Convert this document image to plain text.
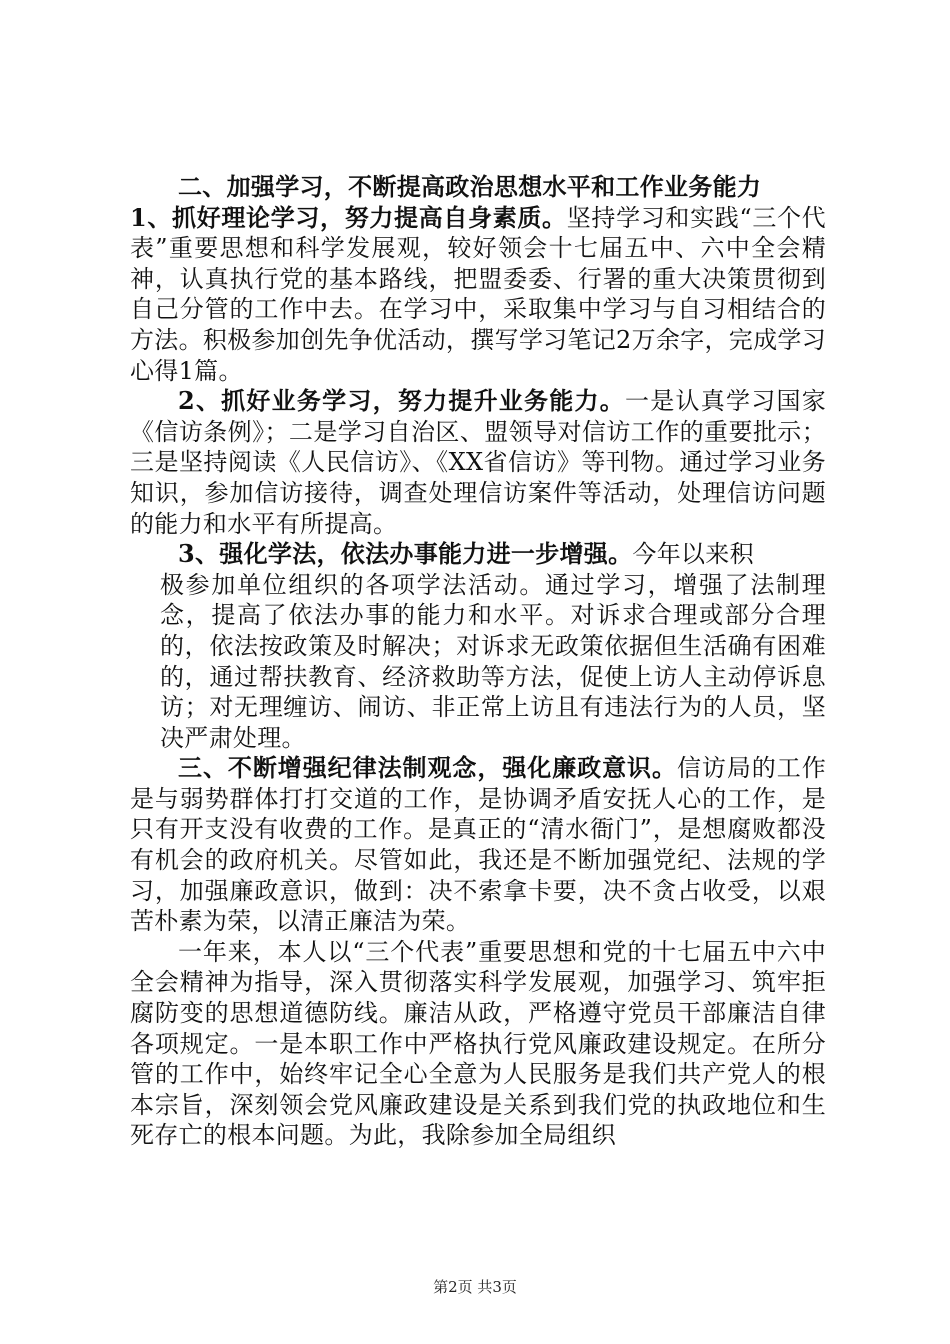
二、加强学习，不断提高政治思想水平和工作业务能力

1、抓好理论学习，努力提高自身素质。坚持学习和实践“三个代表”重要思想和科学发展观，较好领会十七届五中、六中全会精神，认真执行党的基本路线，把盟委委、行署的重大决策贯彻到自己分管的工作中去。在学习中，采取集中学习与自习相结合的方法。积极参加创先争优活动，撰写学习笔记2万余字，完成学习心得1篇。

2、抓好业务学习，努力提升业务能力。一是认真学习国家《信访条例》；二是学习自治区、盟领导对信访工作的重要批示；三是坚持阅读《人民信访》、《XX省信访》等刊物。通过学习业务知识，参加信访接待，调查处理信访案件等活动，处理信访问题的能力和水平有所提高。

3、强化学法，依法办事能力进一步增强。今年以来积

极参加单位组织的各项学法活动。通过学习，增强了法制理念，提高了依法办事的能力和水平。对诉求合理或部分合理的，依法按政策及时解决；对诉求无政策依据但生活确有困难的，通过帮扶教育、经济救助等方法，促使上访人主动停诉息访；对无理缠访、闹访、非正常上访且有违法行为的人员，坚决严肃处理。

三、不断增强纪律法制观念，强化廉政意识。信访局的工作是与弱势群体打打交道的工作，是协调矛盾安抚人心的工作，是只有开支没有收费的工作。是真正的“清水衙门”，是想腐败都没有机会的政府机关。尽管如此，我还是不断加强党纪、法规的学习，加强廉政意识，做到：决不索拿卡要，决不贪占收受，以艰苦朴素为荣，以清正廉洁为荣。

一年来，本人以“三个代表”重要思想和党的十七届五中六中全会精神为指导，深入贯彻落实科学发展观，加强学习、筑牢拒腐防变的思想道德防线。廉洁从政，严格遵守党员干部廉洁自律各项规定。一是本职工作中严格执行党风廉政建设规定。在所分管的工作中，始终牢记全心全意为人民服务是我们共产党人的根本宗旨，深刻领会党风廉政建设是关系到我们党的执政地位和生死存亡的根本问题。为此，我除参加全局组织

第2页 共3页
